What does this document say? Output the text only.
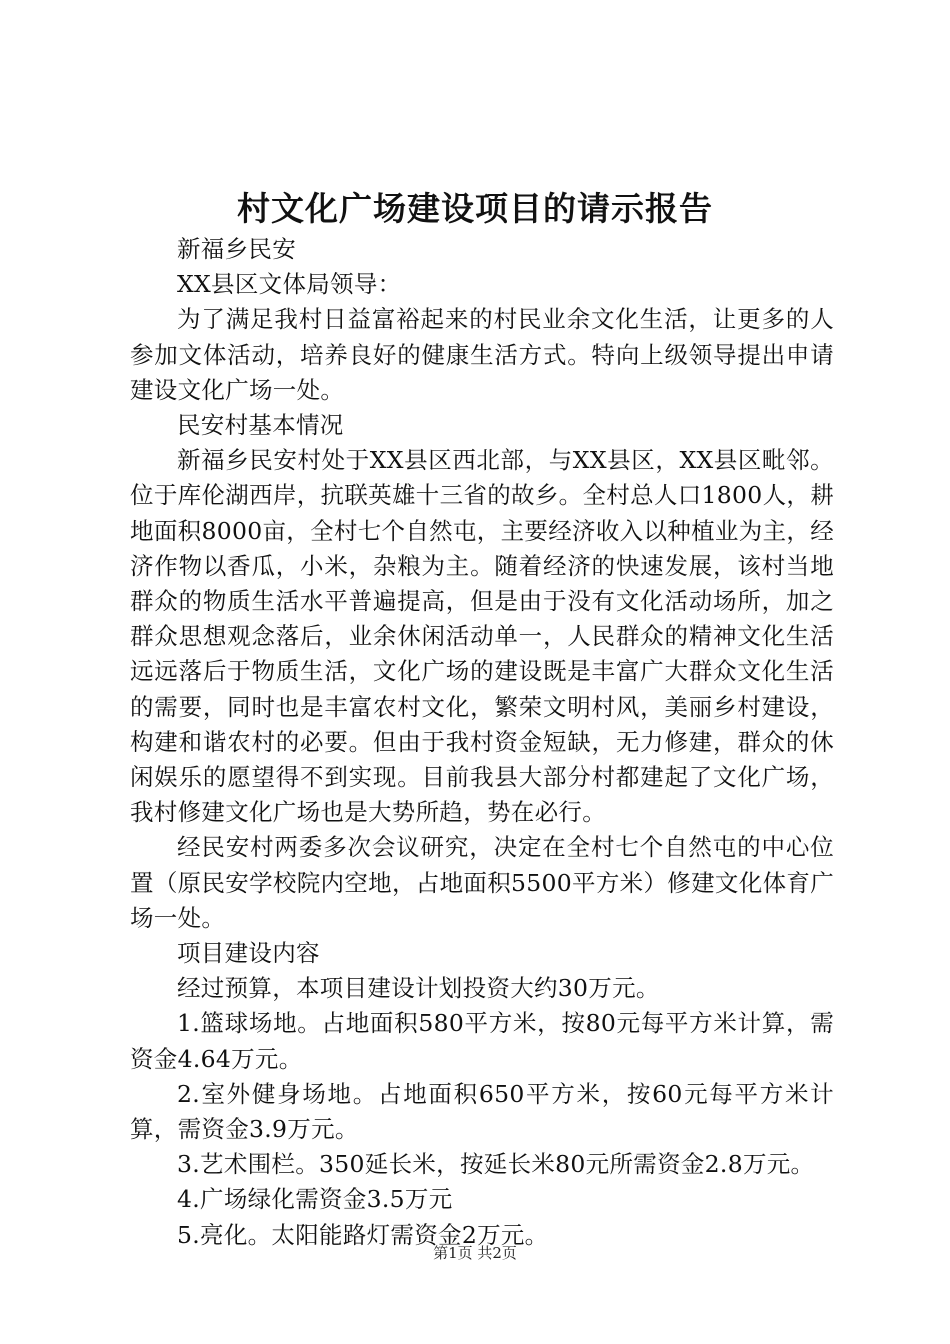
村文化广场建设项目的请示报告

新福乡民安

XX县区文体局领导：

为了满足我村日益富裕起来的村民业余文化生活，让更多的人参加文体活动，培养良好的健康生活方式。特向上级领导提出申请建设文化广场一处。

民安村基本情况

新福乡民安村处于XX县区西北部，与XX县区，XX县区毗邻。位于库伦湖西岸，抗联英雄十三省的故乡。全村总人口1800人，耕地面积8000亩，全村七个自然屯，主要经济收入以种植业为主，经济作物以香瓜，小米，杂粮为主。随着经济的快速发展，该村当地群众的物质生活水平普遍提高，但是由于没有文化活动场所，加之群众思想观念落后，业余休闲活动单一，人民群众的精神文化生活远远落后于物质生活，文化广场的建设既是丰富广大群众文化生活的需要，同时也是丰富农村文化，繁荣文明村风，美丽乡村建设，构建和谐农村的必要。但由于我村资金短缺，无力修建，群众的休闲娱乐的愿望得不到实现。目前我县大部分村都建起了文化广场，我村修建文化广场也是大势所趋，势在必行。

经民安村两委多次会议研究，决定在全村七个自然屯的中心位置（原民安学校院内空地，占地面积5500平方米）修建文化体育广场一处。

项目建设内容

经过预算，本项目建设计划投资大约30万元。

1.篮球场地。占地面积580平方米，按80元每平方米计算，需资金4.64万元。

2.室外健身场地。占地面积650平方米，按60元每平方米计算，需资金3.9万元。

3.艺术围栏。350延长米，按延长米80元所需资金2.8万元。

4.广场绿化需资金3.5万元

5.亮化。太阳能路灯需资金2万元。

第1页 共2页
